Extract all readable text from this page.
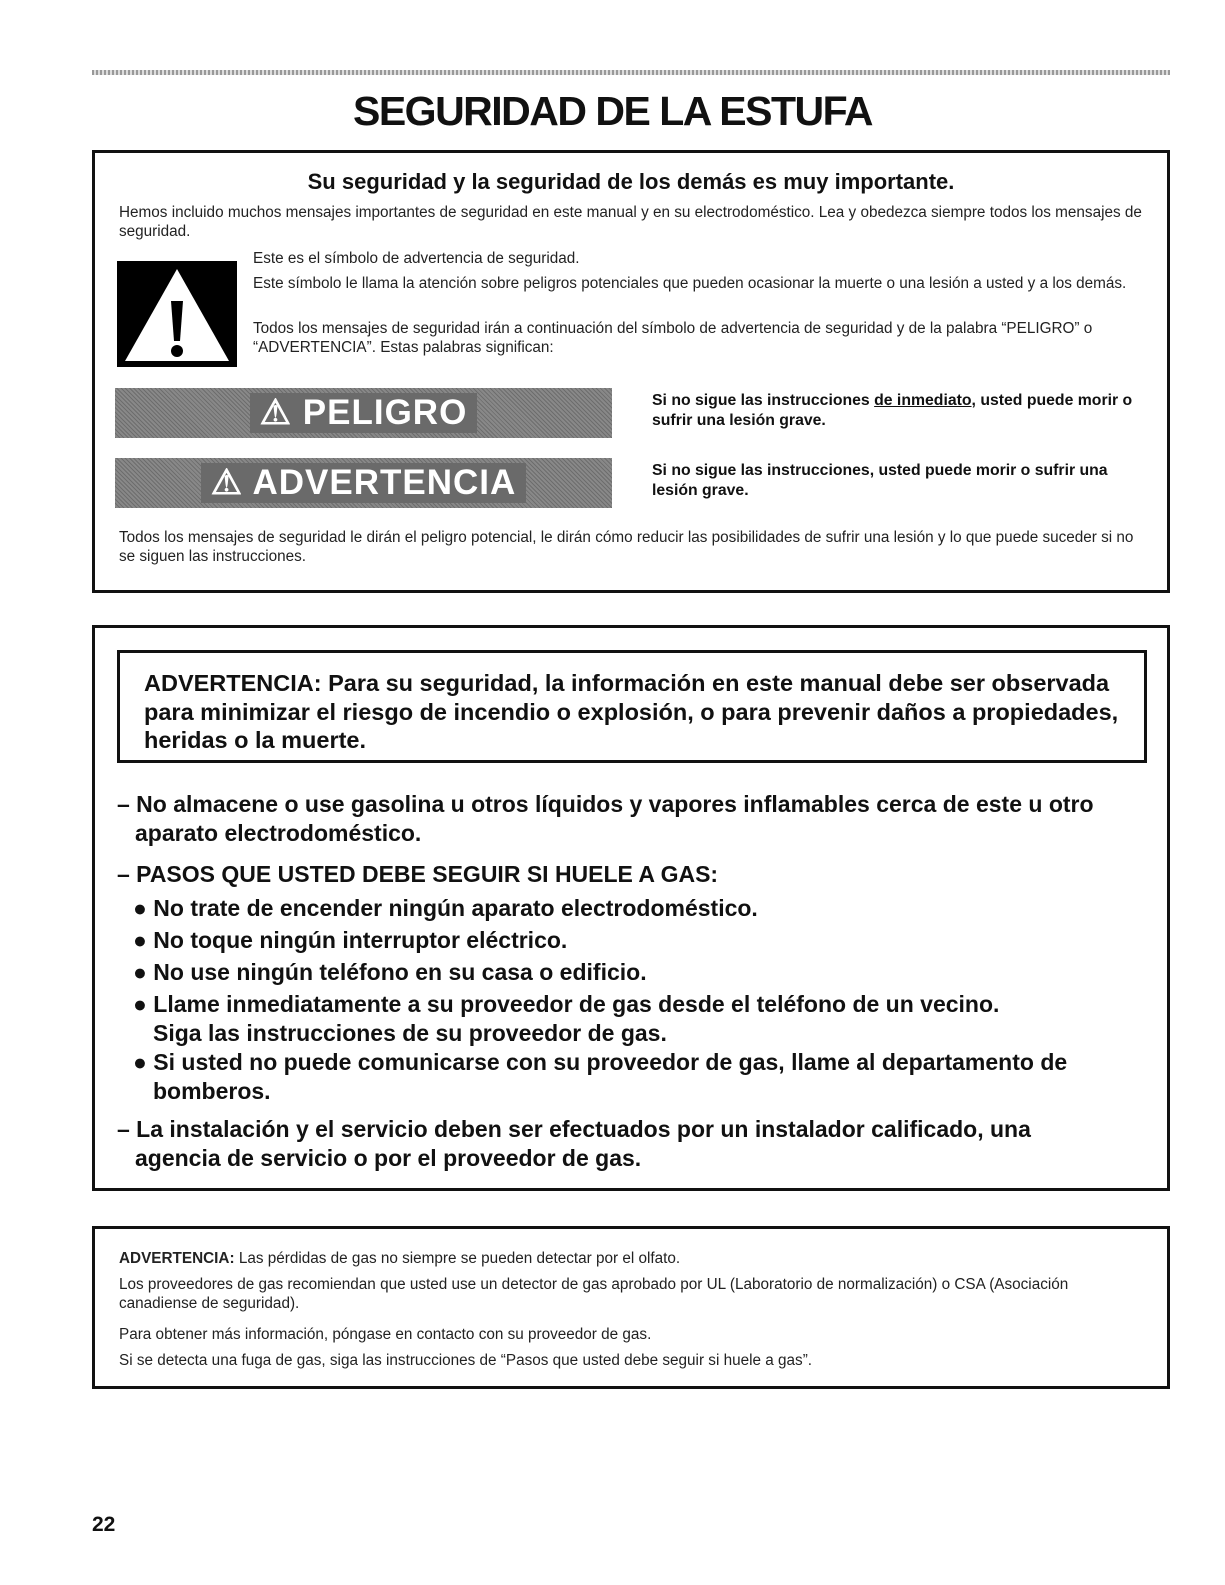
SEGURIDAD DE LA ESTUFA
Su seguridad y la seguridad de los demás es muy importante.
Hemos incluido muchos mensajes importantes de seguridad en este manual y en su electrodoméstico. Lea y obedezca siempre todos los mensajes de seguridad.
Este es el símbolo de advertencia de seguridad.
Este símbolo le llama la atención sobre peligros potenciales que pueden ocasionar la muerte o una lesión a usted y a los demás.
Todos los mensajes de seguridad irán a continuación del símbolo de advertencia de seguridad y de la palabra “PELIGRO” o “ADVERTENCIA”. Estas palabras significan:
⚠ PELIGRO	Si no sigue las instrucciones de inmediato, usted puede morir o sufrir una lesión grave.
⚠ ADVERTENCIA	Si no sigue las instrucciones, usted puede morir o sufrir una lesión grave.
Todos los mensajes de seguridad le dirán el peligro potencial, le dirán cómo reducir las posibilidades de sufrir una lesión y lo que puede suceder si no se siguen las instrucciones.
ADVERTENCIA: Para su seguridad, la información en este manual debe ser observada para minimizar el riesgo de incendio o explosión, o para prevenir daños a propiedades, heridas o la muerte.
– No almacene o use gasolina u otros líquidos y vapores inflamables cerca de este u otro aparato electrodoméstico.
– PASOS QUE USTED DEBE SEGUIR SI HUELE A GAS:
● No trate de encender ningún aparato electrodoméstico.
● No toque ningún interruptor eléctrico.
● No use ningún teléfono en su casa o edificio.
● Llame inmediatamente a su proveedor de gas desde el teléfono de un vecino. Siga las instrucciones de su proveedor de gas.
● Si usted no puede comunicarse con su proveedor de gas, llame al departamento de bomberos.
– La instalación y el servicio deben ser efectuados por un instalador calificado, una agencia de servicio o por el proveedor de gas.

ADVERTENCIA: Las pérdidas de gas no siempre se pueden detectar por el olfato.

Los proveedores de gas recomiendan que usted use un detector de gas aprobado por UL (Laboratorio de normalización) o CSA (Asociación canadiense de seguridad).

Para obtener más información, póngase en contacto con su proveedor de gas.

Si se detecta una fuga de gas, siga las instrucciones de “Pasos que usted debe seguir si huele a gas”.

22
